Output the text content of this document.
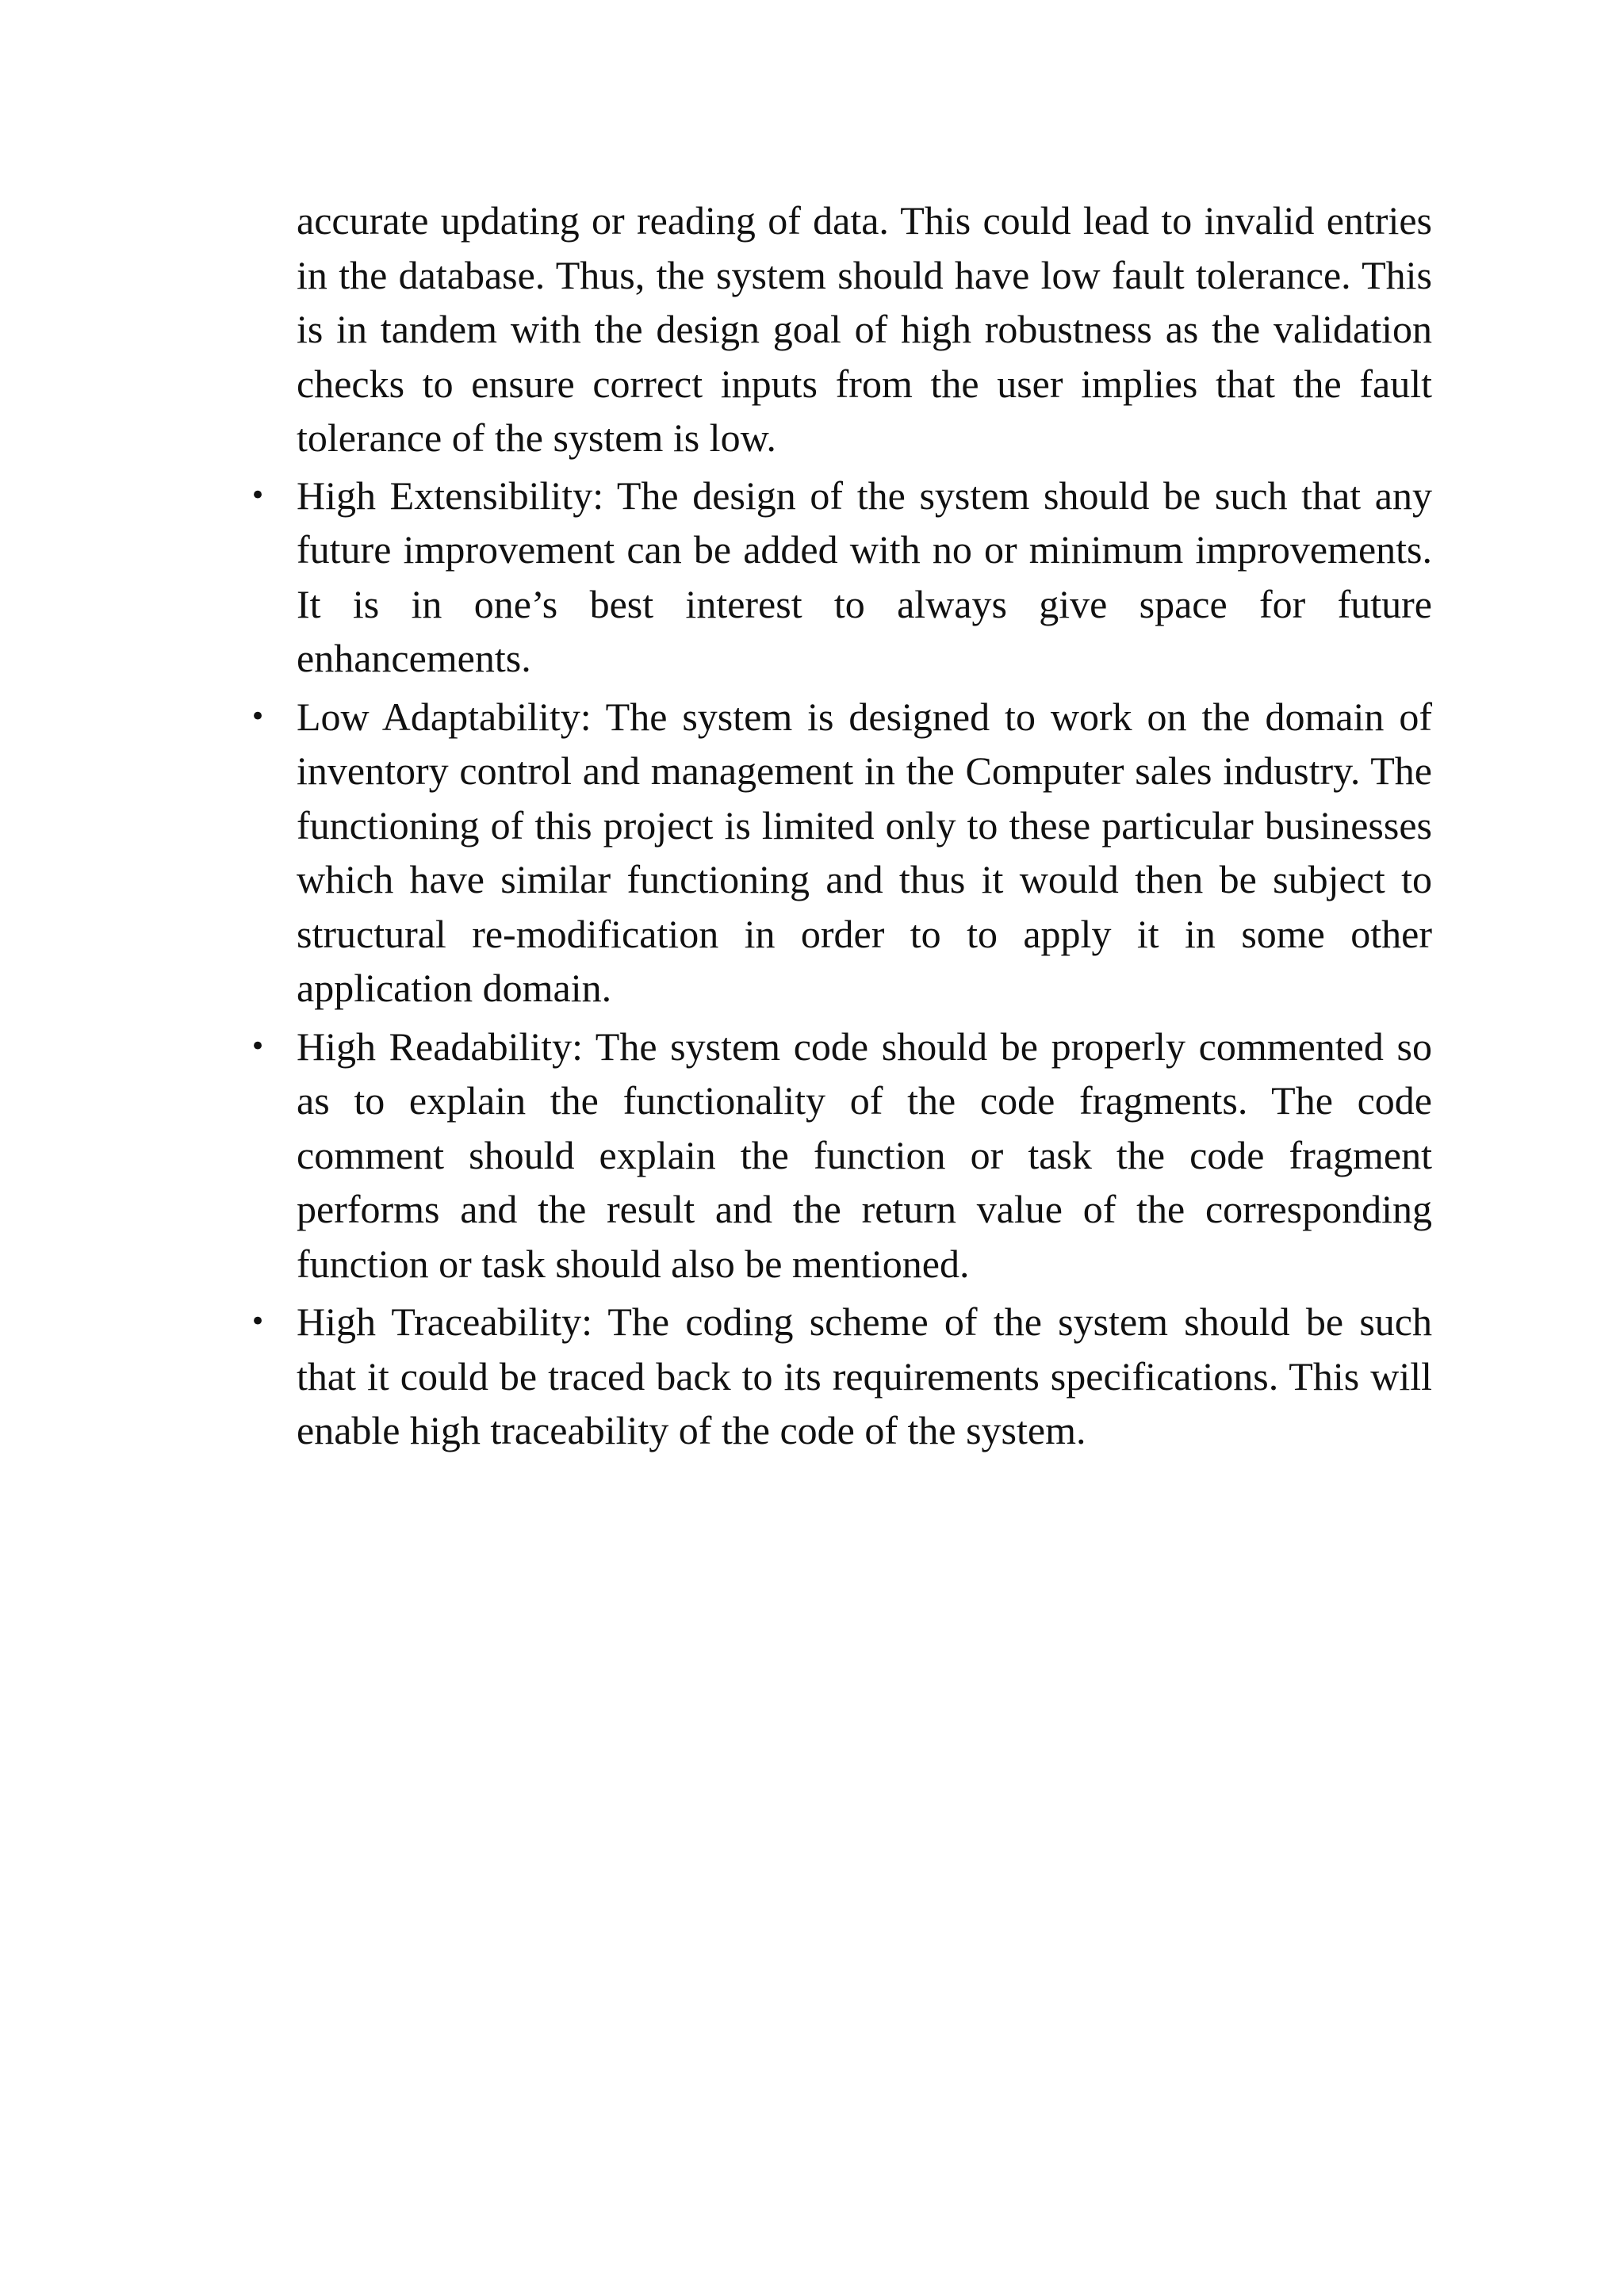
accurate updating or reading of data. This could lead to invalid entries in the database. Thus, the system should have low fault tolerance. This is in tandem with the design goal of high robustness as the validation checks to ensure correct inputs from the user implies that the fault tolerance of the system is low.

• High Extensibility: The design of the system should be such that any future improvement can be added with no or minimum improvements. It is in one’s best interest to always give space for future enhancements.
• Low Adaptability: The system is designed to work on the domain of inventory control and management in the Computer sales industry. The functioning of this project is limited only to these particular businesses which have similar functioning and thus it would then be subject to structural re-modification in order to to apply it in some other application domain.
• High Readability: The system code should be properly commented so as to explain the functionality of the code fragments. The code comment should explain the function or task the code fragment performs and the result and the return value of the corresponding function or task should also be mentioned.
• High Traceability: The coding scheme of the system should be such that it could be traced back to its requirements specifications. This will enable high traceability of the code of the system.
